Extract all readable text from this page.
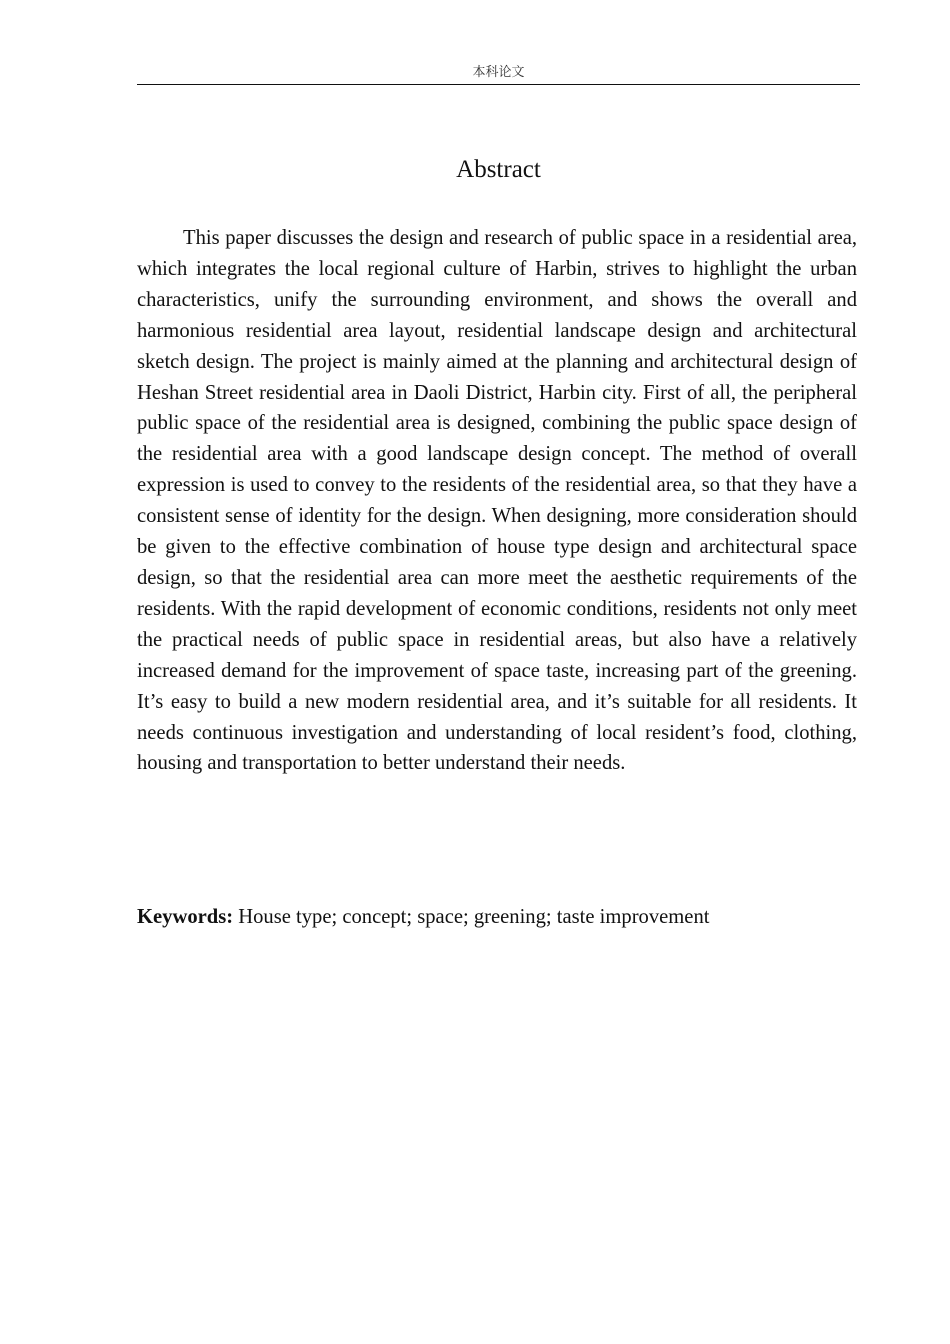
本科论文
Abstract

This paper discusses the design and research of public space in a residential area, which integrates the local regional culture of Harbin, strives to highlight the urban characteristics, unify the surrounding environment, and shows the overall and harmonious residential area layout, residential landscape design and architectural sketch design. The project is mainly aimed at the planning and architectural design of Heshan Street residential area in Daoli District, Harbin city. First of all, the peripheral public space of the residential area is designed, combining the public space design of the residential area with a good landscape design concept. The method of overall expression is used to convey to the residents of the residential area, so that they have a consistent sense of identity for the design. When designing, more consideration should be given to the effective combination of house type design and architectural space design, so that the residential area can more meet the aesthetic requirements of the residents. With the rapid development of economic conditions, residents not only meet the practical needs of public space in residential areas, but also have a relatively increased demand for the improvement of space taste, increasing part of the greening. It’s easy to build a new modern residential area, and it’s suitable for all residents. It needs continuous investigation and understanding of local resident’s food, clothing, housing and transportation to better understand their needs.

Keywords: House type; concept; space; greening; taste improvement
